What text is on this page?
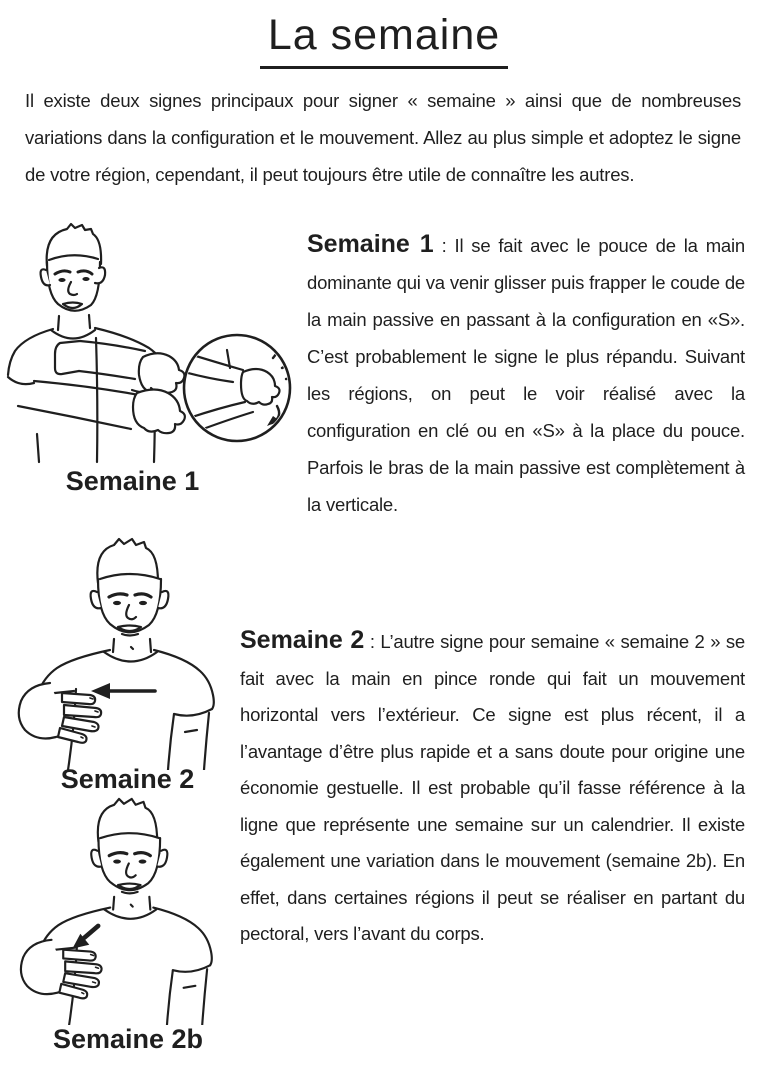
La semaine

Il existe deux signes principaux pour signer « semaine » ainsi que de nombreuses variations dans la configuration et le mouvement. Allez au plus simple et adoptez le signe de votre région, cependant, il peut toujours être utile de connaître les autres.

Semaine 1

Semaine 1 : Il se fait avec le pouce de la main dominante qui va venir glisser puis frapper le coude de la main passive en passant à la configuration en «S». C’est probablement le signe le plus répandu. Suivant les régions, on peut le voir réalisé avec la configuration en clé ou en «S» à la place du pouce. Parfois le bras de la main passive est complètement à la verticale.

Semaine 2

Semaine 2 : L’autre signe pour semaine « semaine 2 » se fait avec la main en pince ronde qui fait un mouvement horizontal vers l’extérieur. Ce signe est plus récent, il a l’avantage d’être plus rapide et a sans doute pour origine une économie gestuelle. Il est probable qu’il fasse référence à la ligne que représente une semaine sur un calendrier. Il existe également une variation dans le mouvement (semaine 2b). En effet, dans certaines régions il peut se réaliser en partant du pectoral, vers l’avant du corps.

Semaine 2b
